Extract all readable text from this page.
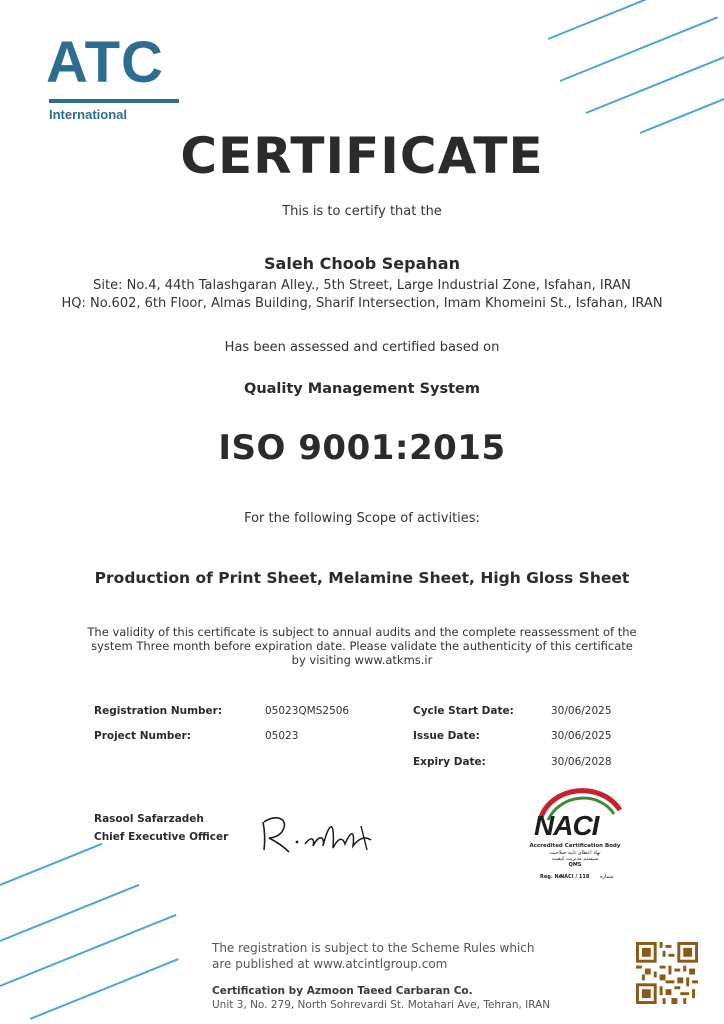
ATC
International
CERTIFICATE
This is to certify that the
Saleh Choob Sepahan
Site: No.4, 44th Talashgaran Alley., 5th Street, Large Industrial Zone, Isfahan, IRAN
HQ: No.602, 6th Floor, Almas Building, Sharif Intersection, Imam Khomeini St., Isfahan, IRAN
Has been assessed and certified based on
Quality Management System
ISO 9001:2015
For the following Scope of activities:
Production of Print Sheet, Melamine Sheet, High Gloss Sheet
The validity of this certificate is subject to annual audits and the complete reassessment of the
system Three month before expiration date. Please validate the authenticity of this certificate
by visiting www.atkms.ir
Registration Number:	05023QMS2506
Project Number:	05023
Cycle Start Date:	30/06/2025
Issue Date:	30/06/2025
Expiry Date:	30/06/2028
Rasool Safarzadeh
Chief Executive Officer	NACI
Accredited Certification Body
نهاد اعطای تایید صلاحیت
سیستم مدیریت کیفیت
QMS
Reg. No.
NACI / 118 شماره
The registration is subject to the Scheme Rules which
are published at www.atcintlgroup.com
Certification by Azmoon Taeed Carbaran Co.
Unit 3, No. 279, North Sohrevardi St. Motahari Ave, Tehran, IRAN
